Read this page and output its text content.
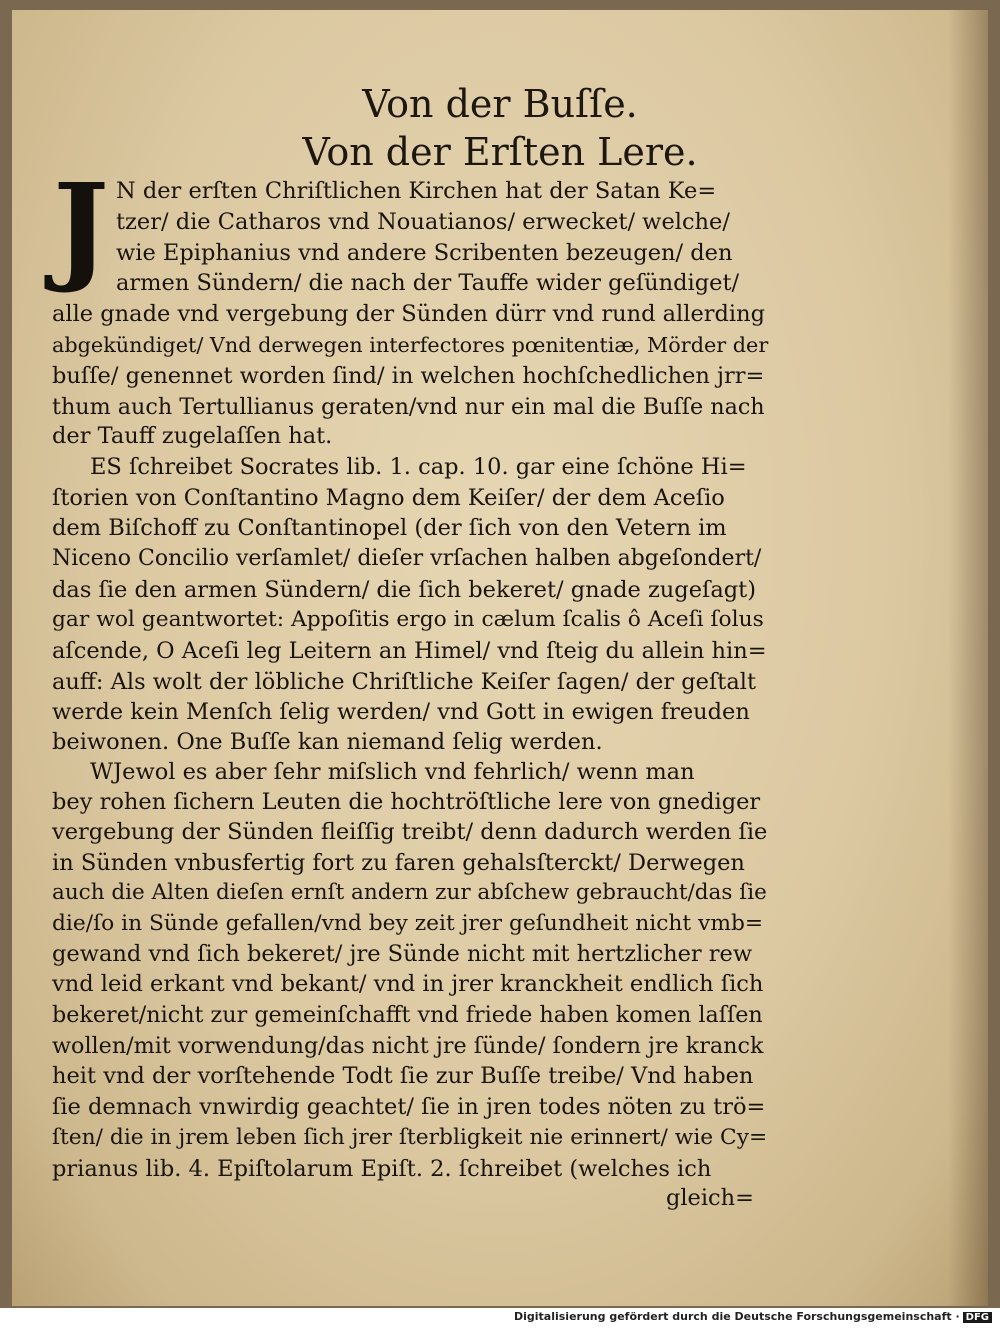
Von der Buſſe.
Von der Erſten Lere.
J N der erſten Chriſtlichen Kirchen hat der Satan Ke=
tzer/ die Catharos vnd Nouatianos/ erwecket/ welche/
wie Epiphanius vnd andere Scribenten bezeugen/ den
armen Sündern/ die nach der Tauffe wider geſündiget/
alle gnade vnd vergebung der Sünden dürr vnd rund allerding
abgekündiget/ Vnd derwegen interfectores pœnitentiæ, Mörder der
buſſe/ genennet worden ſind/ in welchen hochſchedlichen jrr=
thum auch Tertullianus geraten/vnd nur ein mal die Buſſe nach
der Tauff zugelaſſen hat.
ES ſchreibet Socrates lib. 1. cap. 10. gar eine ſchöne Hi=
ſtorien von Conſtantino Magno dem Keiſer/ der dem Aceſio
dem Biſchoff zu Conſtantinopel (der ſich von den Vetern im
Niceno Concilio verſamlet/ dieſer vrſachen halben abgeſondert/
das ſie den armen Sündern/ die ſich bekeret/ gnade zugeſagt)
gar wol geantwortet: Appoſitis ergo in cælum ſcalis ô Aceſi ſolus
aſcende, O Aceſi leg Leitern an Himel/ vnd ſteig du allein hin=
auff: Als wolt der löbliche Chriſtliche Keiſer ſagen/ der geſtalt
werde kein Menſch ſelig werden/ vnd Gott in ewigen freuden
beiwonen. One Buſſe kan niemand ſelig werden.
WJewol es aber ſehr miſslich vnd fehrlich/ wenn man
bey rohen ſichern Leuten die hochtröſtliche lere von gnediger
vergebung der Sünden fleiſſig treibt/ denn dadurch werden ſie
in Sünden vnbusfertig fort zu faren gehalsſterckt/ Derwegen
auch die Alten dieſen ernſt andern zur abſchew gebraucht/das ſie
die/ſo in Sünde gefallen/vnd bey zeit jrer geſundheit nicht vmb=
gewand vnd ſich bekeret/ jre Sünde nicht mit hertzlicher rew
vnd leid erkant vnd bekant/ vnd in jrer kranckheit endlich ſich
bekeret/nicht zur gemeinſchafft vnd friede haben komen laſſen
wollen/mit vorwendung/das nicht jre ſünde/ ſondern jre kranck
heit vnd der vorſtehende Todt ſie zur Buſſe treibe/ Vnd haben
ſie demnach vnwirdig geachtet/ ſie in jren todes nöten zu trö=
ſten/ die in jrem leben ſich jrer ſterbligkeit nie erinnert/ wie Cy=
prianus lib. 4. Epiſtolarum Epiſt. 2. ſchreibet (welches ich
gleich=
Digitalisierung gefördert durch die Deutsche Forschungsgemeinschaft · DFG
